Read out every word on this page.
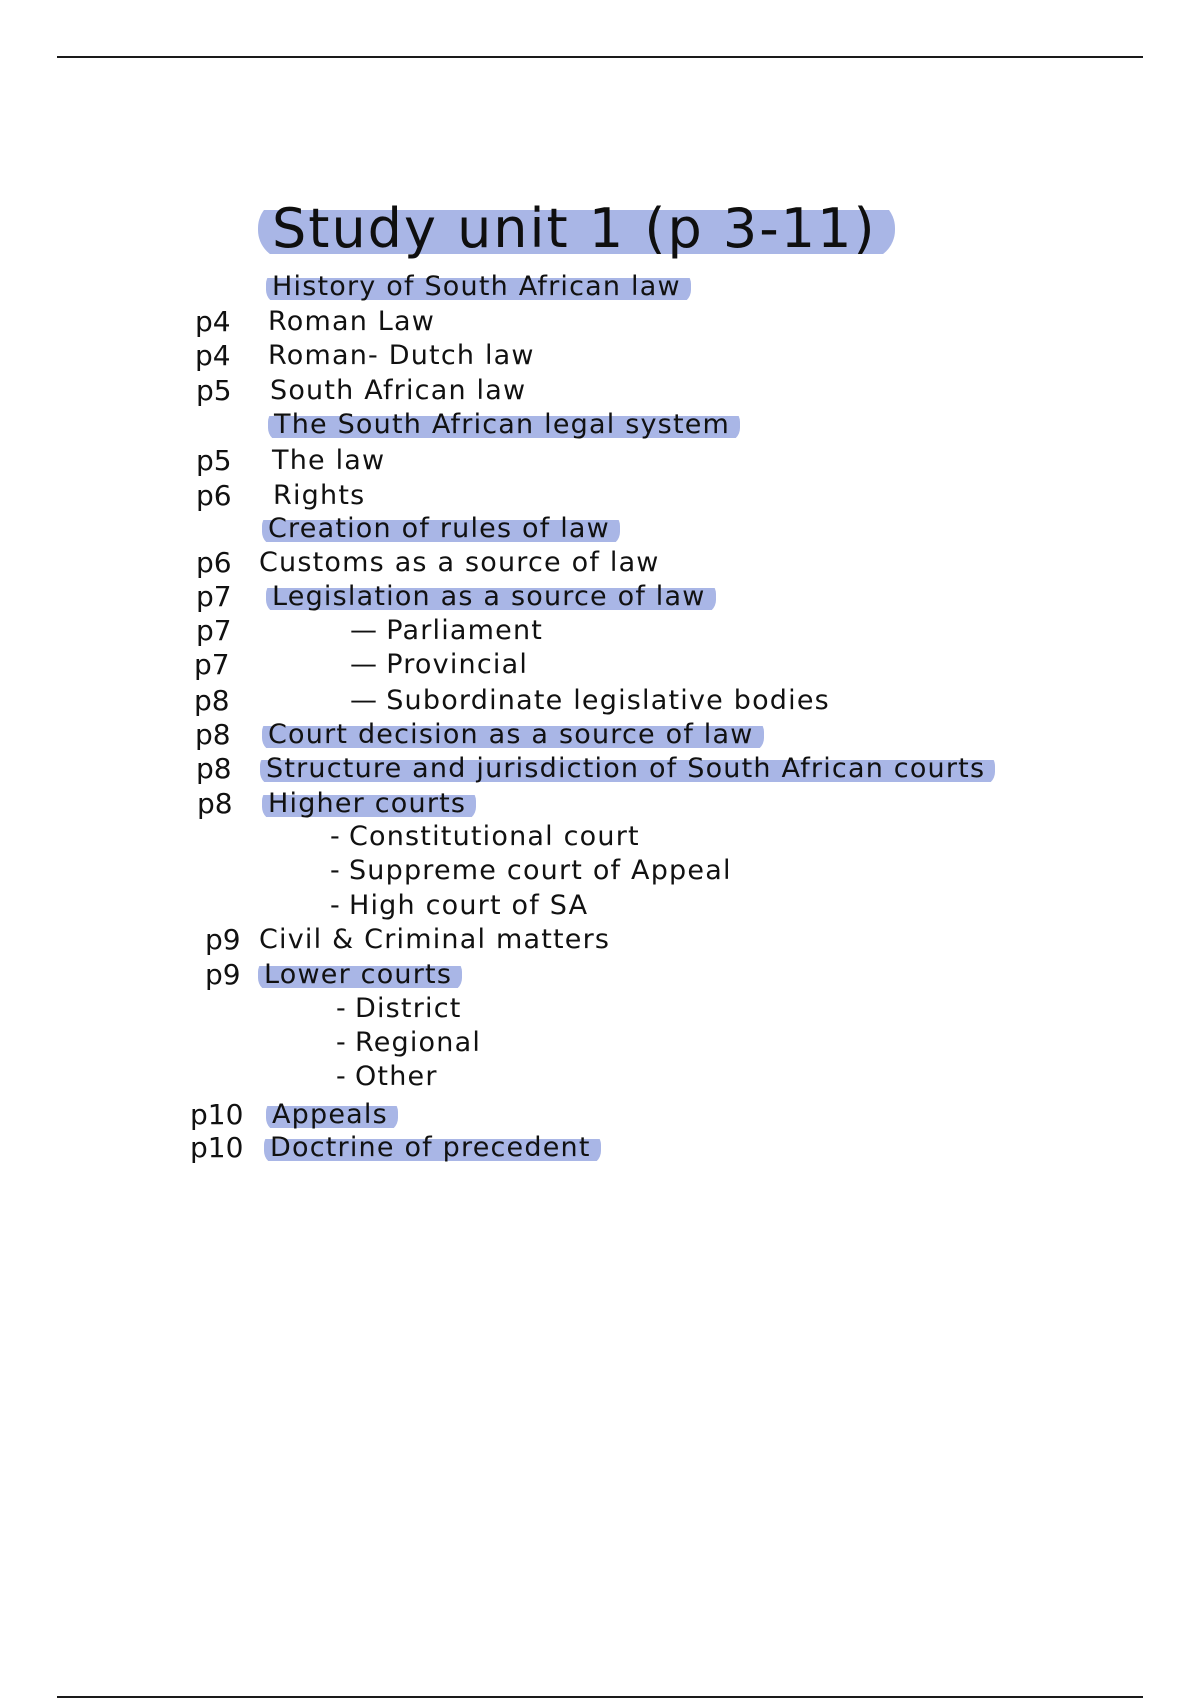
Study unit 1 (p 3-11)
History of South African law
p4 Roman Law
p4 Roman- Dutch law
p5 South African law
The South African legal system
p5 The law
p6 Rights
Creation of rules of law
p6 Customs as a source of law
p7 Legislation as a source of law
p7	— Parliament
p7	— Provincial
p8	— Subordinate legislative bodies
p8 Court decision as a source of law
p8 Structure and jurisdiction of South African courts
p8 Higher courts
- Constitutional court
- Suppreme court of Appeal
- High court of SA
p9 Civil & Criminal matters
p9 Lower courts
- District
- Regional
- Other
p10 Appeals
p10 Doctrine of precedent
